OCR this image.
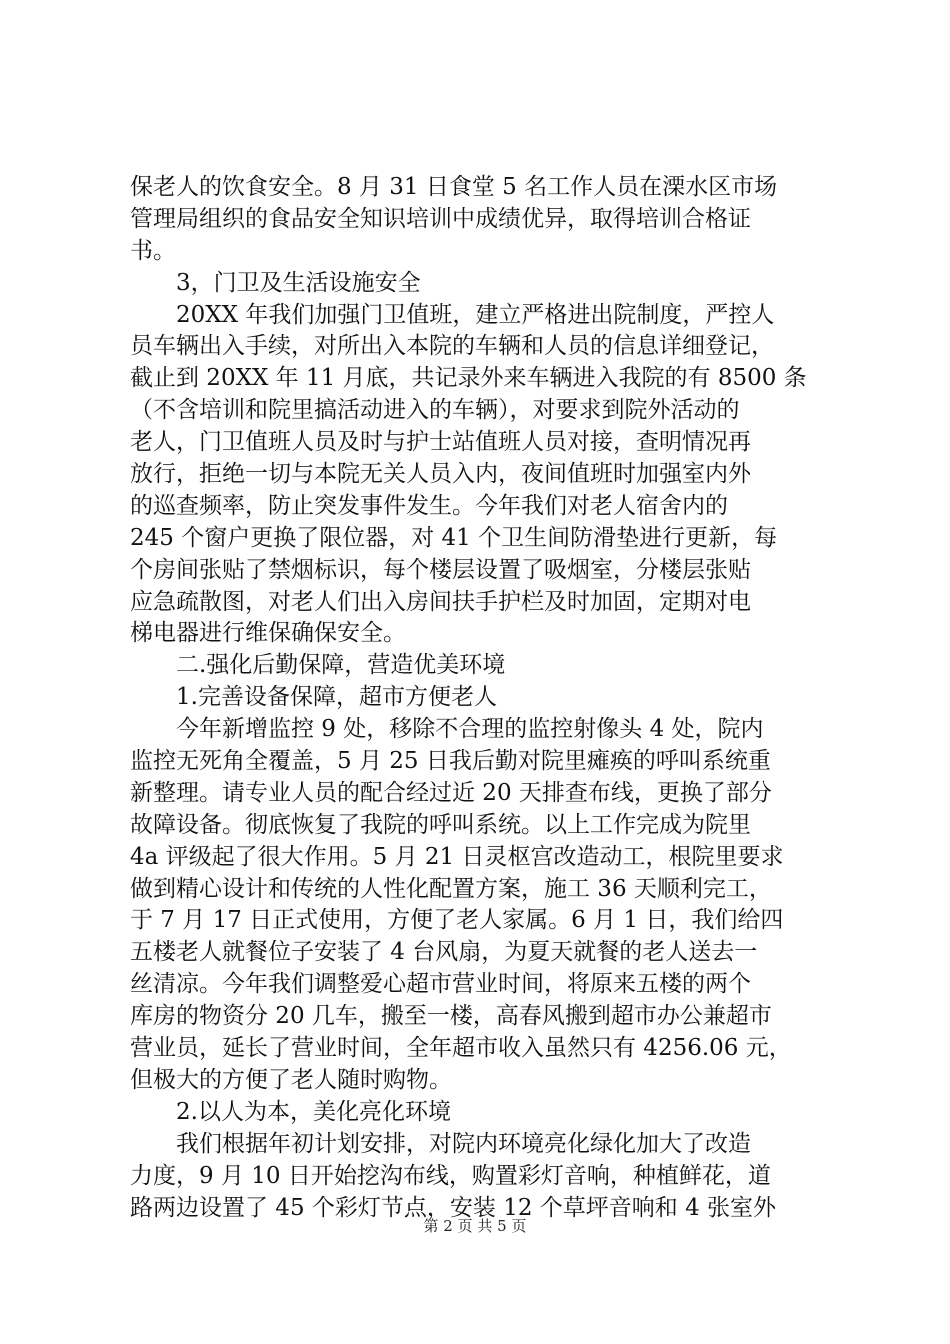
保老人的饮食安全。8 月 31 日食堂 5 名工作人员在溧水区市场
管理局组织的食品安全知识培训中成绩优异，取得培训合格证
书。
　　3，门卫及生活设施安全
　　20XX 年我们加强门卫值班，建立严格进出院制度，严控人
员车辆出入手续，对所出入本院的车辆和人员的信息详细登记，
截止到 20XX 年 11 月底，共记录外来车辆进入我院的有 8500 条
（不含培训和院里搞活动进入的车辆），对要求到院外活动的
老人，门卫值班人员及时与护士站值班人员对接，查明情况再
放行，拒绝一切与本院无关人员入内，夜间值班时加强室内外
的巡查频率，防止突发事件发生。今年我们对老人宿舍内的
245 个窗户更换了限位器，对 41 个卫生间防滑垫进行更新，每
个房间张贴了禁烟标识，每个楼层设置了吸烟室，分楼层张贴
应急疏散图，对老人们出入房间扶手护栏及时加固，定期对电
梯电器进行维保确保安全。
　　二.强化后勤保障，营造优美环境
　　1.完善设备保障，超市方便老人
　　今年新增监控 9 处，移除不合理的监控射像头 4 处，院内
监控无死角全覆盖，5 月 25 日我后勤对院里瘫痪的呼叫系统重
新整理。请专业人员的配合经过近 20 天排查布线，更换了部分
故障设备。彻底恢复了我院的呼叫系统。以上工作完成为院里
4a 评级起了很大作用。5 月 21 日灵枢宫改造动工，根院里要求
做到精心设计和传统的人性化配置方案，施工 36 天顺利完工，
于 7 月 17 日正式使用，方便了老人家属。6 月 1 日，我们给四
五楼老人就餐位子安装了 4 台风扇，为夏天就餐的老人送去一
丝清凉。今年我们调整爱心超市营业时间，将原来五楼的两个
库房的物资分 20 几车，搬至一楼，高春风搬到超市办公兼超市
营业员，延长了营业时间，全年超市收入虽然只有 4256.06 元，
但极大的方便了老人随时购物。
　　2.以人为本，美化亮化环境
　　我们根据年初计划安排，对院内环境亮化绿化加大了改造
力度，9 月 10 日开始挖沟布线，购置彩灯音响，种植鲜花，道
路两边设置了 45 个彩灯节点，安装 12 个草坪音响和 4 张室外
第 2 页 共 5 页
